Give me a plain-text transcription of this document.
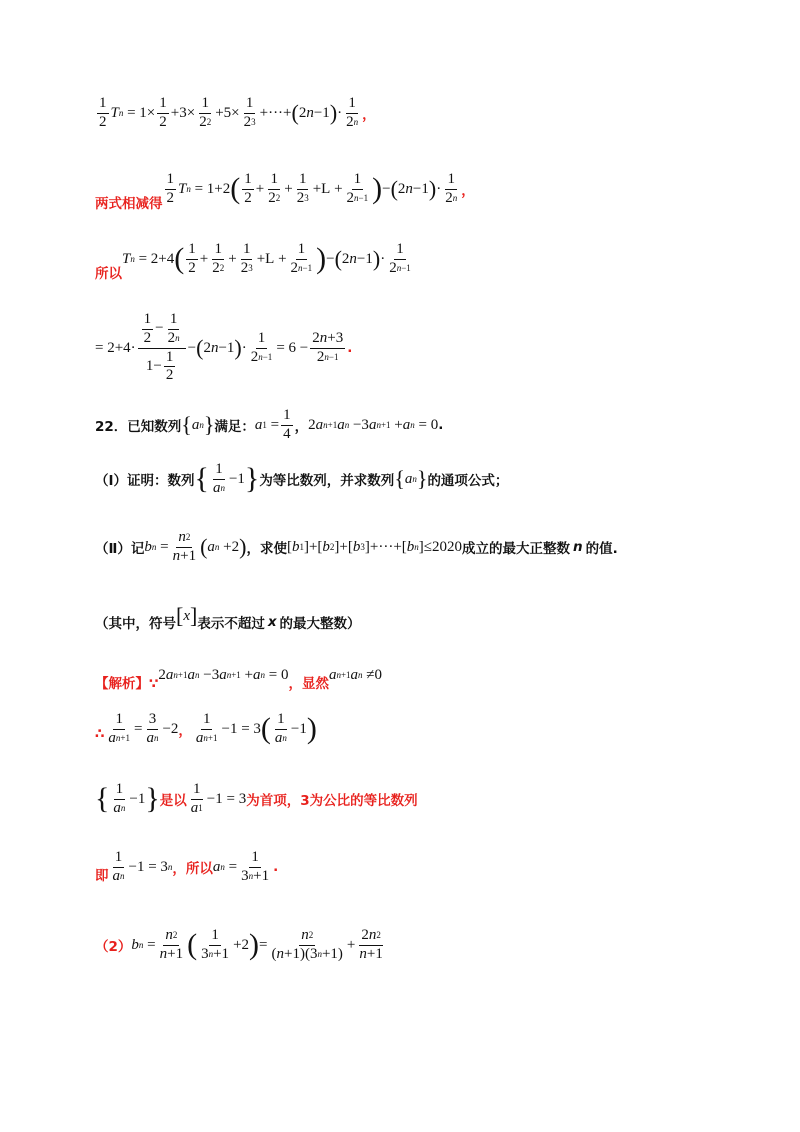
$\frac{1}{2}$ T $n = 1\times \frac{1}{2} +3\times \frac{1}{2 2} +5\times \frac{1}{2 3}$ +···+ ( 2 n −1 ) · $\frac{1}{2 n}$ ，
两式相减得 $\frac{1}{2}$ T n = 1+2 ( $\frac{1}{2} + \frac{1}{2 2} + \frac{1}{2 3} +L + \frac{1}{2 n -1}$ ) − ( 2 n −1 ) · $\frac{1}{2 n}$ ，
所以
T n = 2+4 ( $\frac{1}{2} + \frac{1}{2 2} + \frac{1}{2 3} +L + \frac{1}{2 n -1}$ ) − ( 2 n −1 ) · $\frac{1}{2 n -1}$
= $2+4\cdot \frac{\frac{1}{2} - \frac{1}{2 n}}{1- \frac{1}{2}}$ − ( 2 n −1 ) · $\frac{1}{2 n -1} = 6 - \frac{2 n +3}{2 n -1}$ .
22．已知数列 { a n } 满足： a $1 = \frac{1}{4}$ ， 2 a n +1 a n −3 a n +1 + a n = 0 .
（Ⅰ）证明：数列 { $\frac{1}{\text{a n}} -1$ } 为等比数列，并求数列 { a n } 的通项公式；
（Ⅱ）记 b $n = \frac{n 2}{n +1}$ ( a n +2 ) ，求使 [ b 1 ]+[ b 2 ]+[ b 3 ]+···+[ b n ]≤2020 成立的最大正整数 n 的值.
（其中，符号 [ x ] 表示不超过 x 的最大整数）
【解析】∵
2 a n +1 a n −3 a n +1 + a n = 0
，显然
a n +1 a n ≠0
∴ $\frac{1}{\text{a n +1}} = \frac{3}{\text{a n}} -2$ ， $\frac{1}{\text{a n +1}} -1 = 3$ ( $\frac{1}{\text{a n}} -1$ )
{ $\frac{1}{\text{a n}} -1$ } 是以 $\frac{1}{a 1} -1 = 3$ 为首项，3为公比的等比数列
即 $\frac{1}{\text{a n}} -1 = 3$ n ，所以 a $n = \frac{1}{3 n +1}$ .
（2） b $n = \frac{n 2}{n +1}$ ( $\frac{1}{3 n +1} +2$ ) = $\frac{n 2}{( n +1)(3 n +1)} + \frac{2 n 2}{n +1}$
